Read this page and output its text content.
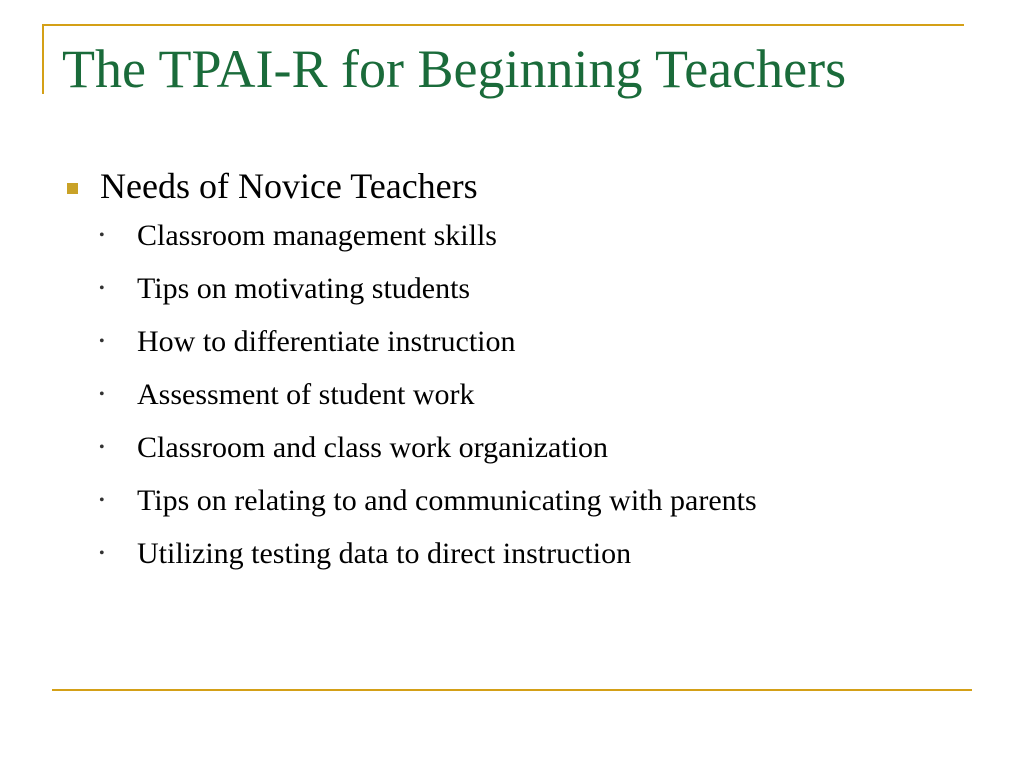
The TPAI-R for Beginning Teachers
Needs of Novice Teachers
• Classroom management skills
• Tips on motivating students
• How to differentiate instruction
• Assessment of student work
• Classroom and class work organization
• Tips on relating to and communicating with parents
• Utilizing testing data to direct instruction
